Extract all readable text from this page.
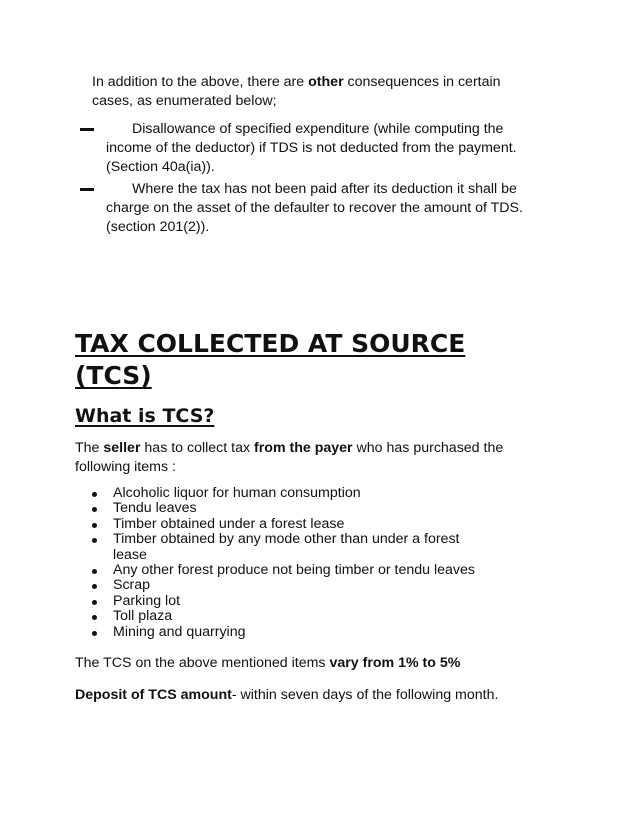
In addition to the above, there are other consequences in certain cases, as enumerated below;
Disallowance of specified expenditure (while computing the income of the deductor) if TDS is not deducted from the payment. (Section 40a(ia)).
Where the tax has not been paid after its deduction it shall be charge on the asset of the defaulter to recover the amount of TDS. (section 201(2)).
TAX COLLECTED AT SOURCE (TCS)
What is TCS?

The seller has to collect tax from the payer who has purchased the following items :

Alcoholic liquor for human consumption
Tendu leaves
Timber obtained under a forest lease
Timber obtained by any mode other than under a forest lease
Any other forest produce not being timber or tendu leaves
Scrap
Parking lot
Toll plaza
Mining and quarrying

The TCS on the above mentioned items vary from 1% to 5%

Deposit of TCS amount- within seven days of the following month.
